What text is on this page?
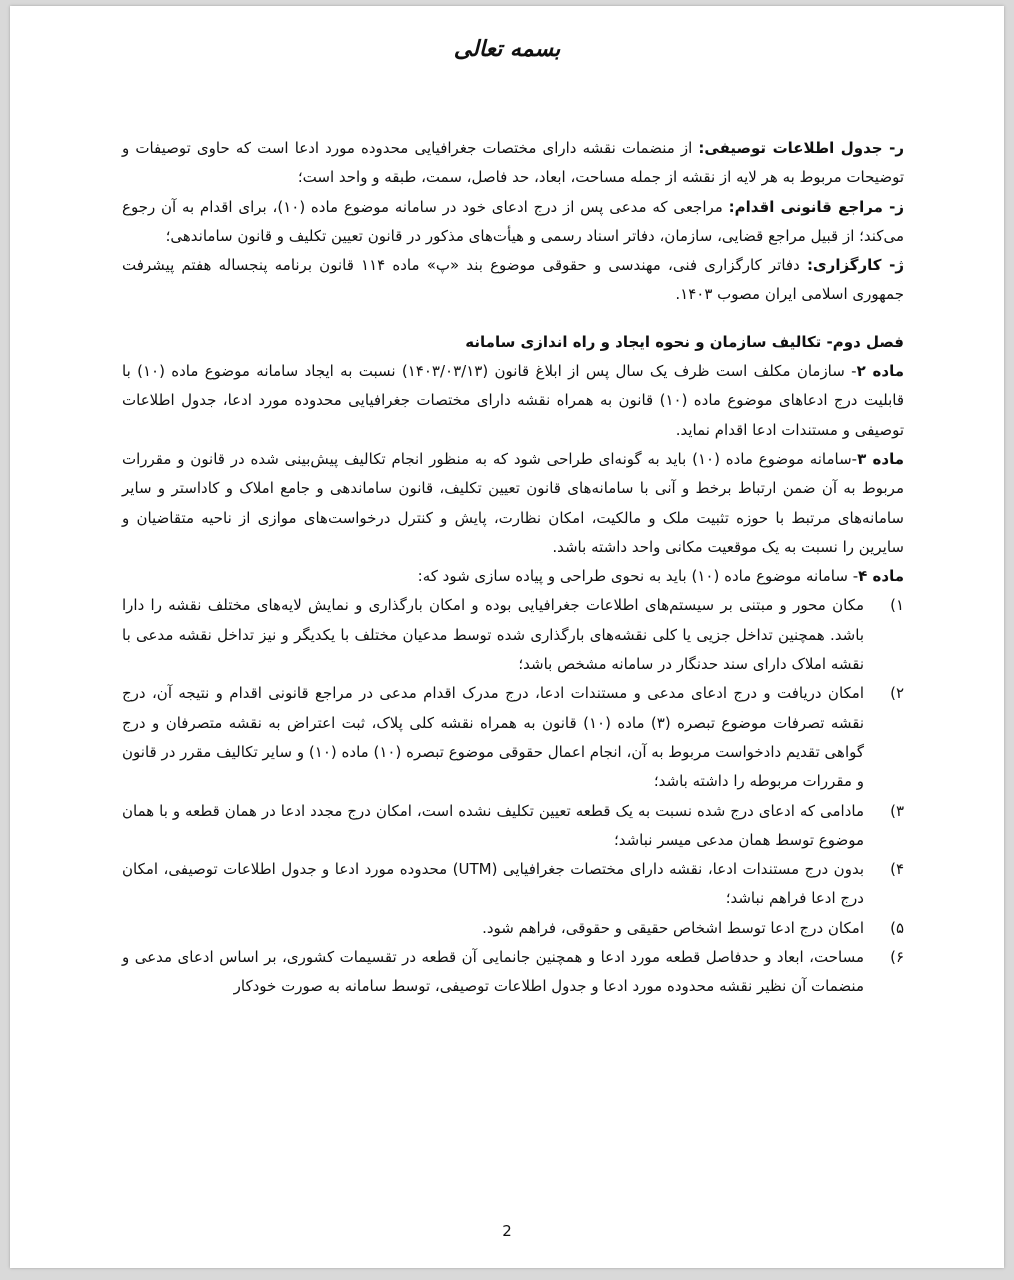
بسمه تعالی

ر- جدول اطلاعات توصیفی: از منضمات نقشه دارای مختصات جغرافیایی محدوده مورد ادعا است که حاوی توصیفات و توضیحات مربوط به هر لایه از نقشه از جمله مساحت، ابعاد، حد فاصل، سمت، طبقه و واحد است؛

ز- مراجع قانونی اقدام: مراجعی که مدعی پس از درج ادعای خود در سامانه موضوع ماده (۱۰)، برای اقدام به آن رجوع می‌کند؛ از قبیل مراجع قضایی، سازمان، دفاتر اسناد رسمی و هیأت‌های مذکور در قانون تعیین تکلیف و قانون ساماندهی؛

ژ- کارگزاری: دفاتر کارگزاری فنی، مهندسی و حقوقی موضوع بند «پ» ماده ۱۱۴ قانون برنامه پنجساله هفتم پیشرفت جمهوری اسلامی ایران مصوب ۱۴۰۳.

فصل دوم- تکالیف سازمان و نحوه ایجاد و راه اندازی سامانه

ماده ۲- سازمان مکلف است ظرف یک سال پس از ابلاغ قانون (۱۴۰۳/۰۳/۱۳) نسبت به ایجاد سامانه موضوع ماده (۱۰) با قابلیت درج ادعاهای موضوع ماده (۱۰) قانون به همراه نقشه دارای مختصات جغرافیایی محدوده مورد ادعا، جدول اطلاعات توصیفی و مستندات ادعا اقدام نماید.

ماده ۳-سامانه موضوع ماده (۱۰) باید به گونه‌ای طراحی شود که به منظور انجام تکالیف پیش‌بینی شده در قانون و مقررات مربوط به آن ضمن ارتباط برخط و آنی با سامانه‌های قانون تعیین تکلیف، قانون ساماندهی و جامع املاک و کاداستر و سایر سامانه‌های مرتبط با حوزه تثبیت ملک و مالکیت، امکان نظارت، پایش و کنترل درخواست‌های موازی از ناحیه متقاضیان و سایرین را نسبت به یک موقعیت مکانی واحد داشته باشد.

ماده ۴- سامانه موضوع ماده (۱۰) باید به نحوی طراحی و پیاده سازی شود که:

۱)
مکان محور و مبتنی بر سیستم‌های اطلاعات جغرافیایی بوده و امکان بارگذاری و نمایش لایه‌های مختلف نقشه را دارا باشد. همچنین تداخل جزیی یا کلی نقشه‌های بارگذاری شده توسط مدعیان مختلف با یکدیگر و نیز تداخل نقشه مدعی با نقشه املاک دارای سند حدنگار در سامانه مشخص باشد؛
۲)
امکان دریافت و درج ادعای مدعی و مستندات ادعا، درج مدرک اقدام مدعی در مراجع قانونی اقدام و نتیجه آن، درج نقشه تصرفات موضوع تبصره (۳) ماده (۱۰) قانون به همراه نقشه کلی پلاک، ثبت اعتراض به نقشه متصرفان و درج گواهی تقدیم دادخواست مربوط به آن، انجام اعمال حقوقی موضوع تبصره (۱۰) ماده (۱۰) و سایر تکالیف مقرر در قانون و مقررات مربوطه را داشته باشد؛
۳)
مادامی که ادعای درج شده نسبت به یک قطعه تعیین تکلیف نشده است، امکان درج مجدد ادعا در همان قطعه و با همان موضوع توسط همان مدعی میسر نباشد؛
۴)
بدون درج مستندات ادعا، نقشه دارای مختصات جغرافیایی (UTM) محدوده مورد ادعا و جدول اطلاعات توصیفی، امکان درج ادعا فراهم نباشد؛
۵)
امکان درج ادعا توسط اشخاص حقیقی و حقوقی، فراهم شود.
۶)
مساحت، ابعاد و حدفاصل قطعه مورد ادعا و همچنین جانمایی آن قطعه در تقسیمات کشوری، بر اساس ادعای مدعی و منضمات آن نظیر نقشه محدوده مورد ادعا و جدول اطلاعات توصیفی، توسط سامانه به صورت خودکار
2
